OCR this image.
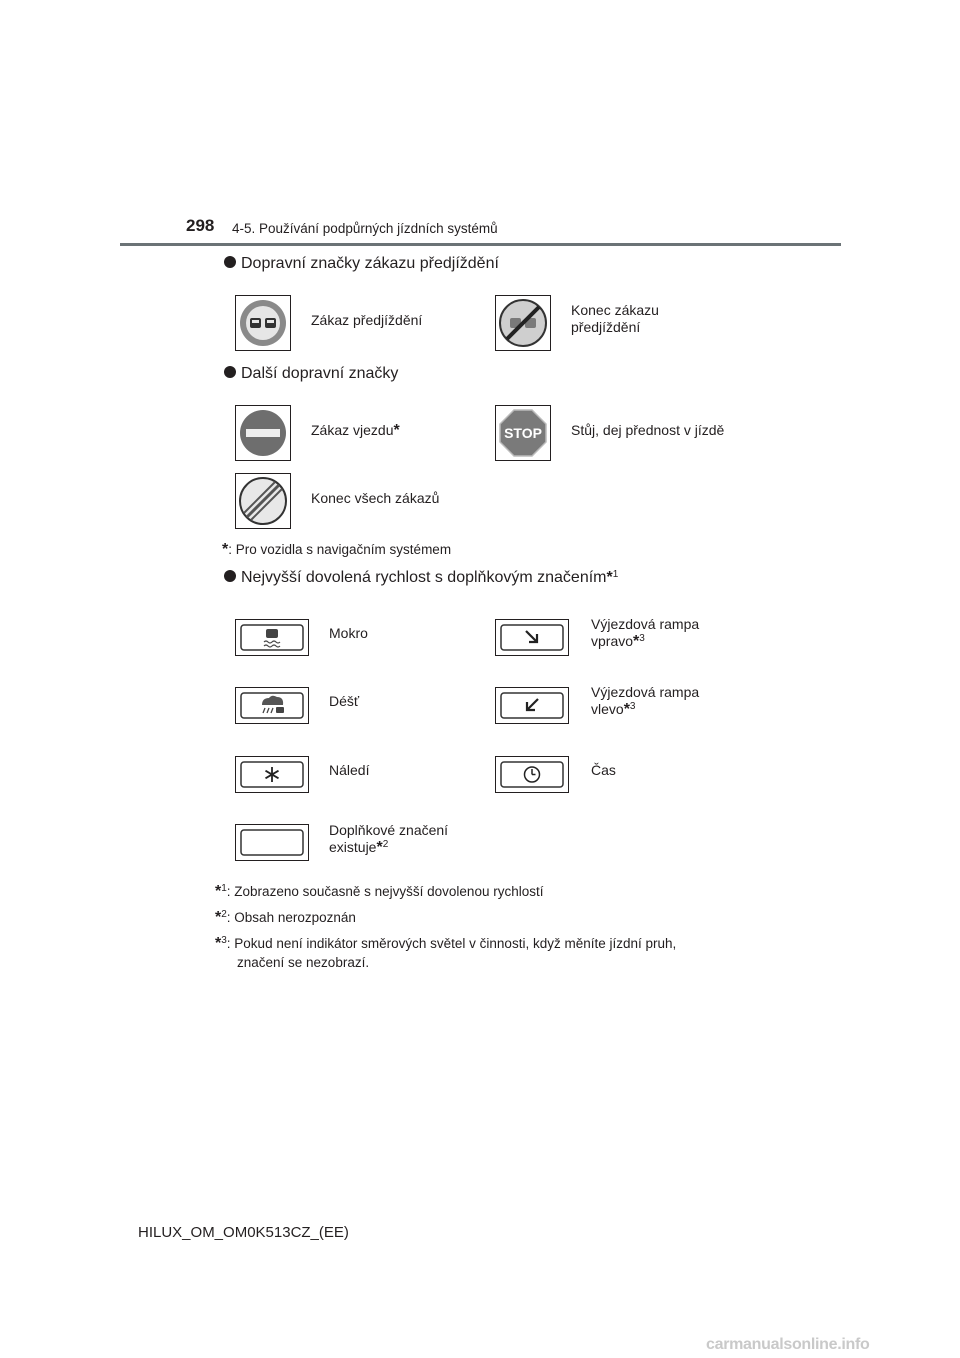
298 4-5. Používání podpůrných jízdních systémů
Dopravní značky zákazu předjíždění
Zákaz předjíždění
Konec zákazu
předjíždění
Další dopravní značky
Zákaz vjezdu*	STOP Stůj, dej přednost v jízdě
Konec všech zákazů
*: Pro vozidla s navigačním systémem
Nejvyšší dovolená rychlost s doplňkovým značením*$^1$
Mokro
Výjezdová rampa
vpravo*$^3$
Déšť
Výjezdová rampa
vlevo*$^3$
Náledí	Čas
Doplňkové značení
existuje*$^2$
*$^1$: Zobrazeno současně s nejvyšší dovolenou rychlostí
*$^2$: Obsah nerozpoznán
*$^3$: Pokud není indikátor směrových světel v činnosti, když měníte jízdní pruh,
značení se nezobrazí.
HILUX_OM_OM0K513CZ_(EE)
carmanualsonline.info
